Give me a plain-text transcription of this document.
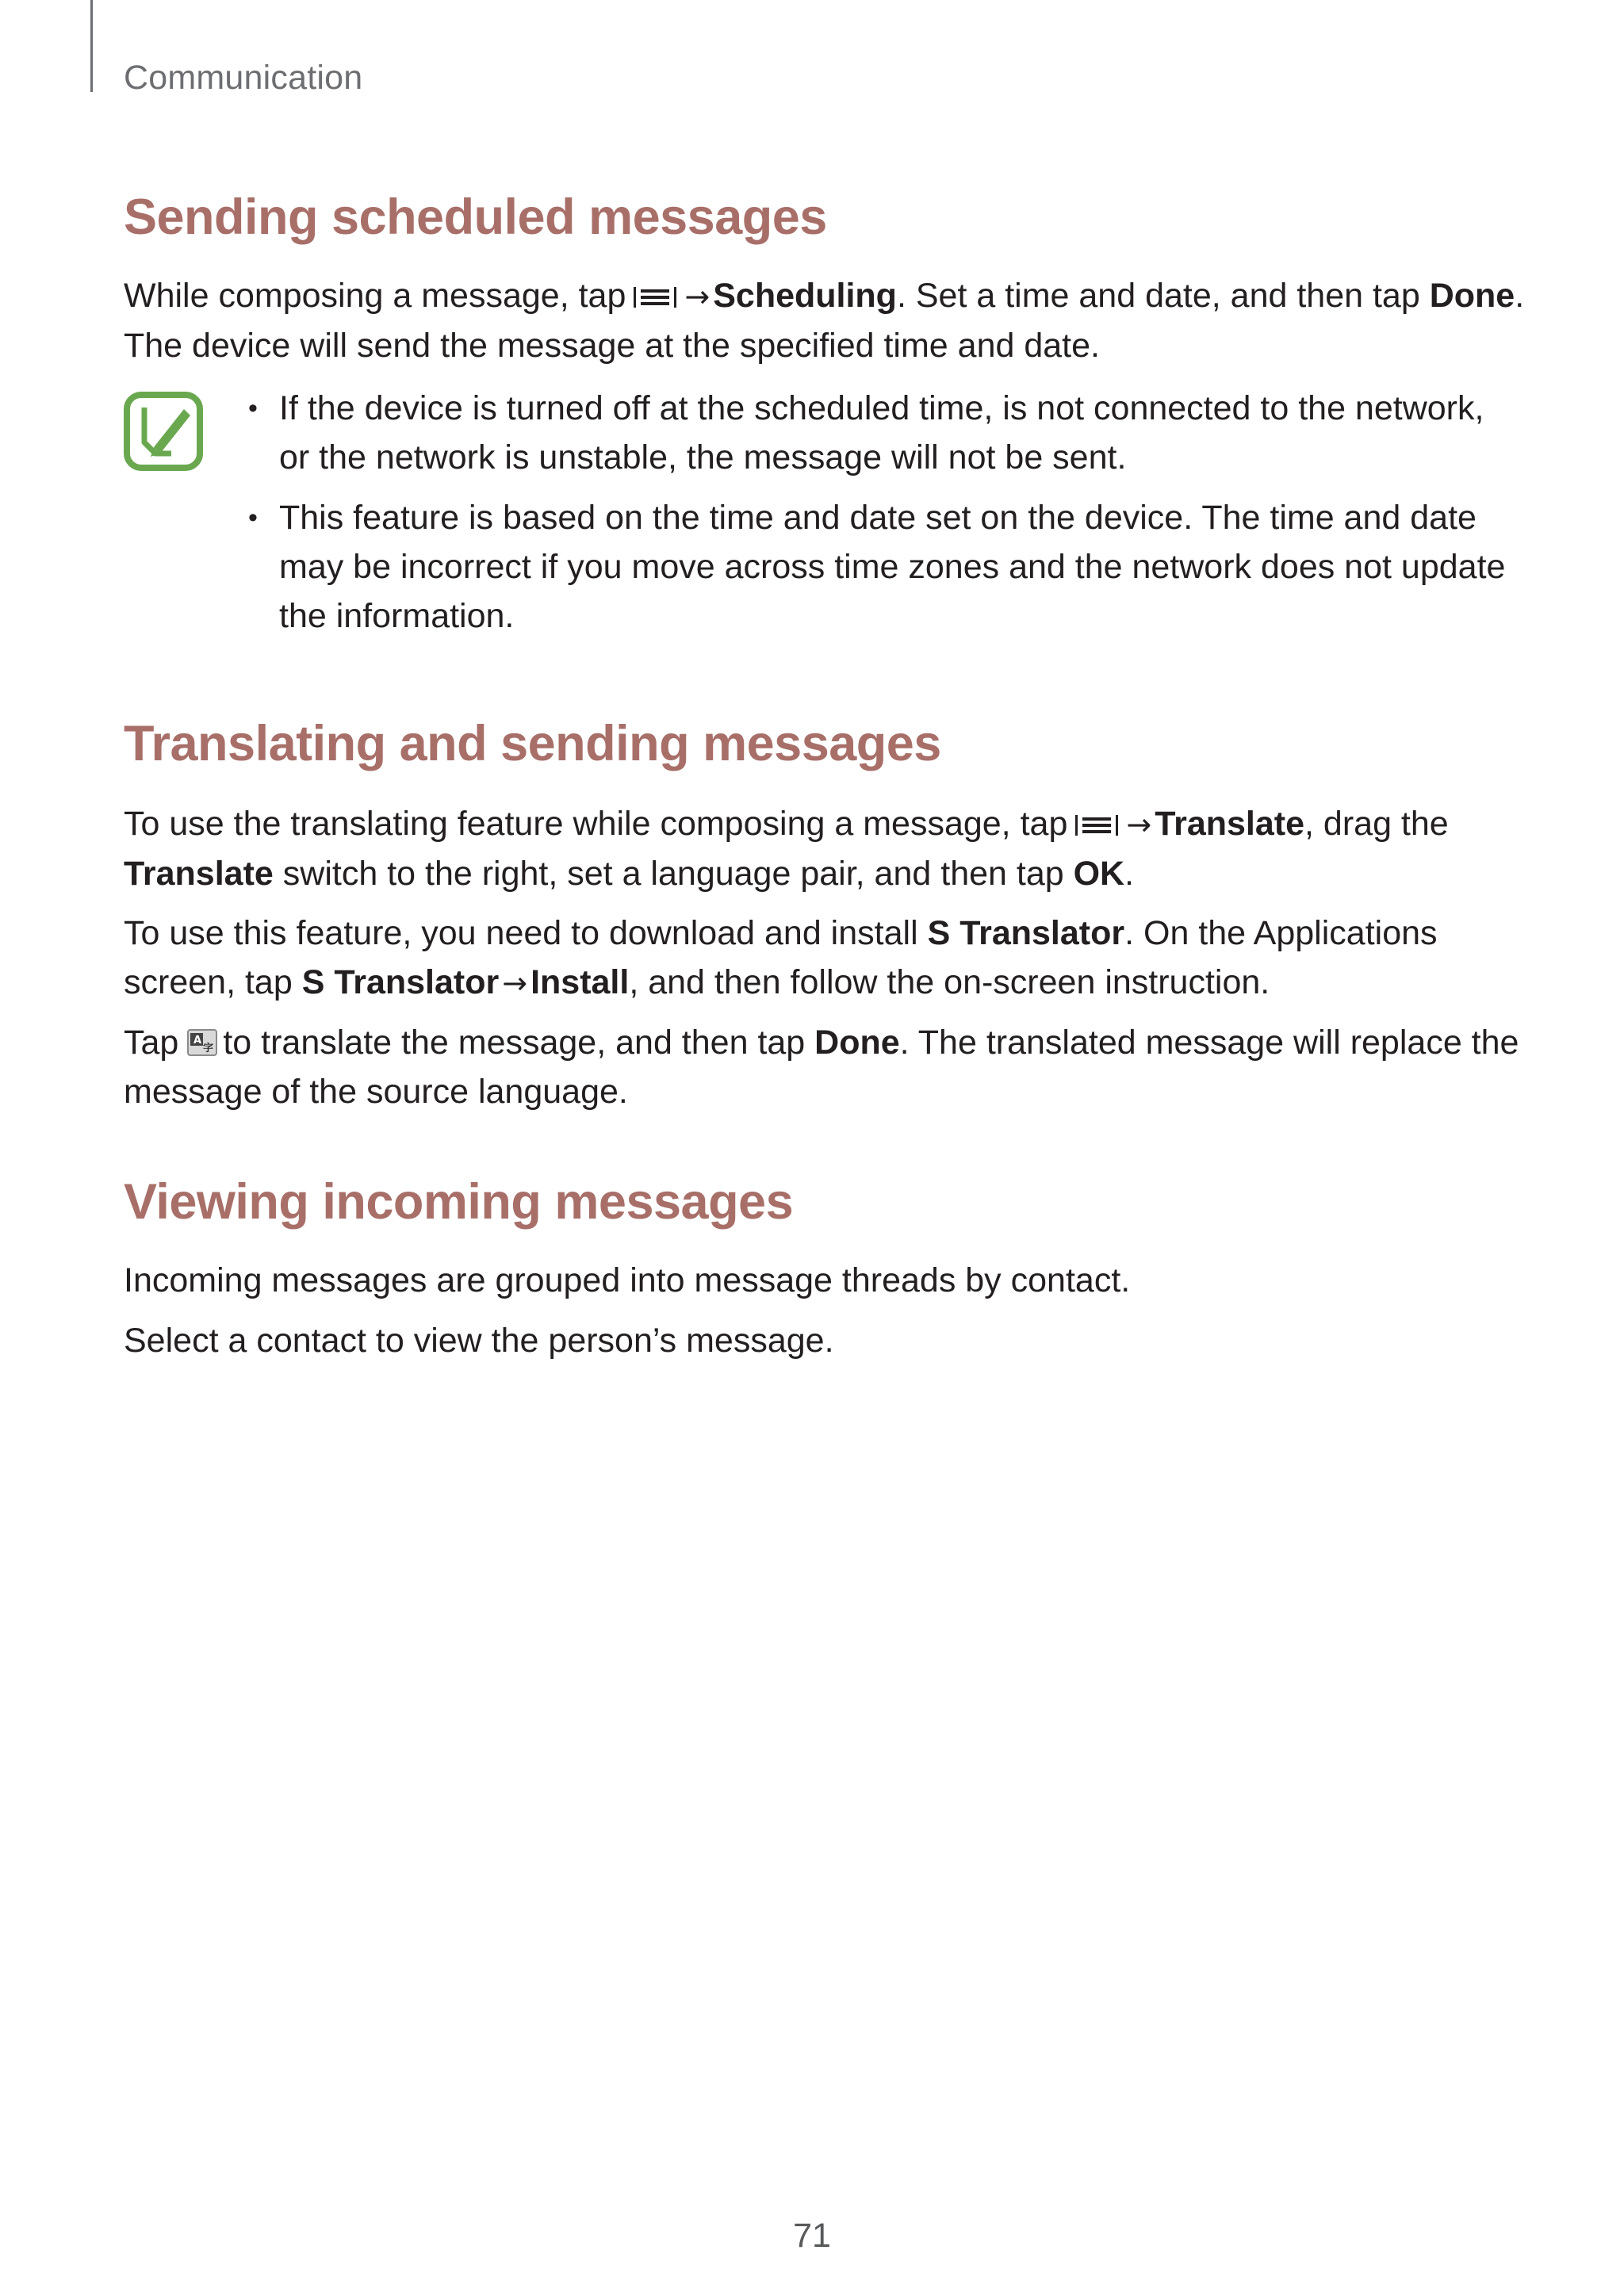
Communication
Sending scheduled messages
While composing a message, tap →Scheduling. Set a time and date, and then tap Done.
The device will send the message at the specified time and date.
• If the device is turned off at the scheduled time, is not connected to the network,
or the network is unstable, the message will not be sent.
• This feature is based on the time and date set on the device. The time and date
may be incorrect if you move across time zones and the network does not update
the information.
Translating and sending messages
To use the translating feature while composing a message, tap →Translate, drag the
Translate switch to the right, set a language pair, and then tap OK.
To use this feature, you need to download and install S Translator. On the Applications
screen, tap S Translator →Install, and then follow the on-screen instruction.
Tap A
字 to translate the message, and then tap Done. The translated message will replace the
message of the source language.
Viewing incoming messages
Incoming messages are grouped into message threads by contact.
Select a contact to view the person’s message.
71
